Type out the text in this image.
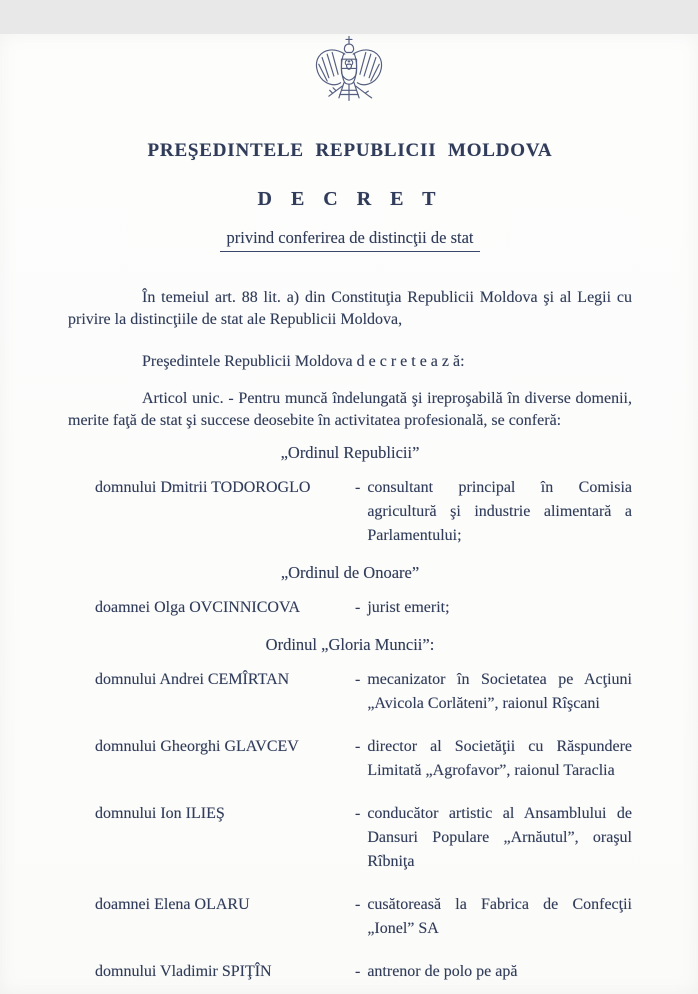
PREŞEDINTELE REPUBLICII MOLDOVA
D E C R E T
privind conferirea de distincţii de stat

În temeiul art. 88 lit. a) din Constituţia Republicii Moldova şi al Legii cu privire la distincţiile de stat ale Republicii Moldova,

Preşedintele Republicii Moldova d e c r e t e a z ă:

Articol unic. - Pentru muncă îndelungată şi ireproşabilă în diverse domenii, merite faţă de stat şi succese deosebite în activitatea profesională, se conferă:

„Ordinul Republicii”
domnului Dmitrii TODOROGLO	- consultant principal în Comisia agricultură şi industrie alimentară a Parlamentului;
„Ordinul de Onoare”
doamnei Olga OVCINNICOVA	- jurist emerit;
Ordinul „Gloria Muncii”:
domnului Andrei CEMÎRTAN	- mecanizator în Societatea pe Acţiuni „Avicola Corlăteni”, raionul Rîşcani
domnului Gheorghi GLAVCEV	- director al Societăţii cu Răspundere Limitată „Agrofavor”, raionul Taraclia
domnului Ion ILIEŞ	- conducător artistic al Ansamblului de Dansuri Populare „Arnăutul”, oraşul Rîbniţa
doamnei Elena OLARU	- cusătoreasă la Fabrica de Confecţii „Ionel” SA
domnului Vladimir SPIŢÎN	- antrenor de polo pe apă
